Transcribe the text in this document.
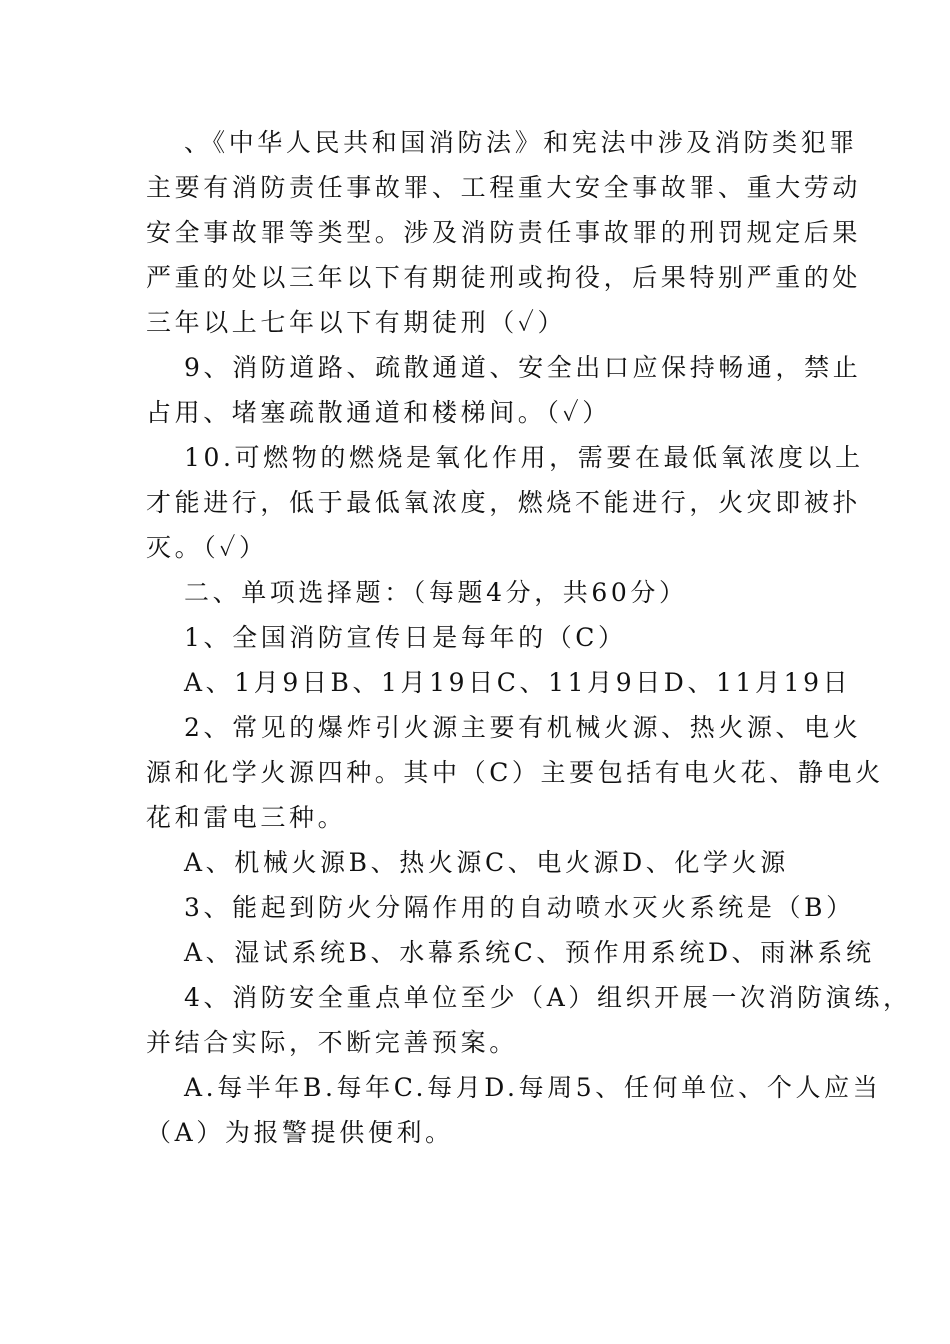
、《中华人民共和国消防法》和宪法中涉及消防类犯罪
主要有消防责任事故罪、工程重大安全事故罪、重大劳动
安全事故罪等类型。涉及消防责任事故罪的刑罚规定后果
严重的处以三年以下有期徒刑或拘役，后果特别严重的处
三年以上七年以下有期徒刑（✓）
9、消防道路、疏散通道、安全出口应保持畅通，禁止
占用、堵塞疏散通道和楼梯间。（✓）
10.可燃物的燃烧是氧化作用，需要在最低氧浓度以上
才能进行，低于最低氧浓度，燃烧不能进行，火灾即被扑
灭。（✓）
二、单项选择题：（每题4分，共60分）
1、全国消防宣传日是每年的（C）
A、1月9日B、1月19日C、11月9日D、11月19日
2、常见的爆炸引火源主要有机械火源、热火源、电火
源和化学火源四种。其中（C）主要包括有电火花、静电火
花和雷电三种。
A、机械火源B、热火源C、电火源D、化学火源
3、能起到防火分隔作用的自动喷水灭火系统是（B）
A、湿试系统B、水幕系统C、预作用系统D、雨淋系统
4、消防安全重点单位至少（A）组织开展一次消防演练，
并结合实际，不断完善预案。
A.每半年B.每年C.每月D.每周5、任何单位、个人应当
（A）为报警提供便利。
